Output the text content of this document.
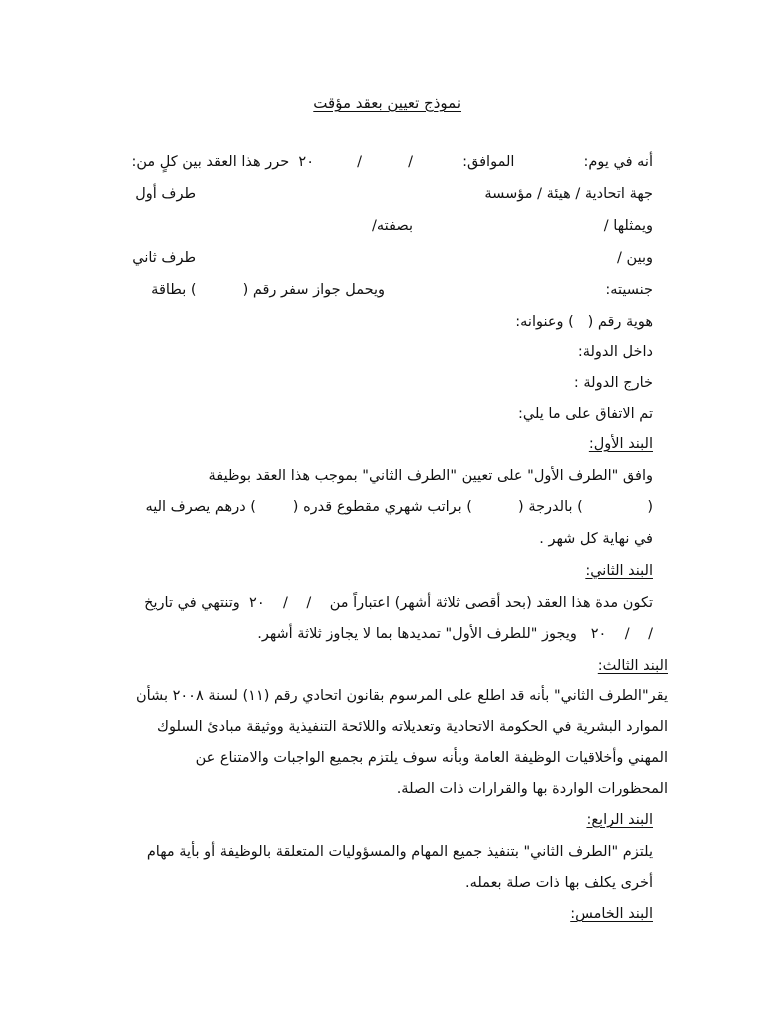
نموذج تعيين بعقد مؤقت
أنه في يوم:               الموافق:
/          /
٢٠  حرر هذا العقد بين كلٍ من:
جهة اتحادية / هيئة / مؤسسة
طرف أول
ويمثلها /
بصفته/
وبين /
طرف ثاني
جنسيته:
ويحمل جواز سفر رقم (          ) بطاقة
هوية رقم (   ) وعنوانه:
داخل الدولة:
خارج الدولة :
تم الاتفاق على ما يلي:
البند الأول:
وافق "الطرف الأول" على تعيين "الطرف الثاني" بموجب هذا العقد بوظيفة
(              ) بالدرجة (          ) براتب شهري مقطوع قدره (        ) درهم يصرف اليه
في نهاية كل شهر .
البند الثاني:
تكون مدة هذا العقد (بحد أقصى ثلاثة أشهر) اعتباراً من    /    /    ٢٠  وتنتهي في تاريخ
/    /    ٢٠   ويجوز "للطرف الأول" تمديدها بما لا يجاوز ثلاثة أشهر.
البند الثالث:
يقر"الطرف الثاني" بأنه قد اطلع على المرسوم بقانون اتحادي رقم (١١) لسنة ٢٠٠٨ بشأن
الموارد البشرية في الحكومة الاتحادية وتعديلاته واللائحة التنفيذية ووثيقة مبادئ السلوك
المهني وأخلاقيات الوظيفة العامة وبأنه سوف يلتزم بجميع الواجبات والامتناع عن
المحظورات الواردة بها والقرارات ذات الصلة.
البند الرابع:
يلتزم "الطرف الثاني" بتنفيذ جميع المهام والمسؤوليات المتعلقة بالوظيفة أو بأية مهام
أخرى يكلف بها ذات صلة بعمله.
البند الخامس:
